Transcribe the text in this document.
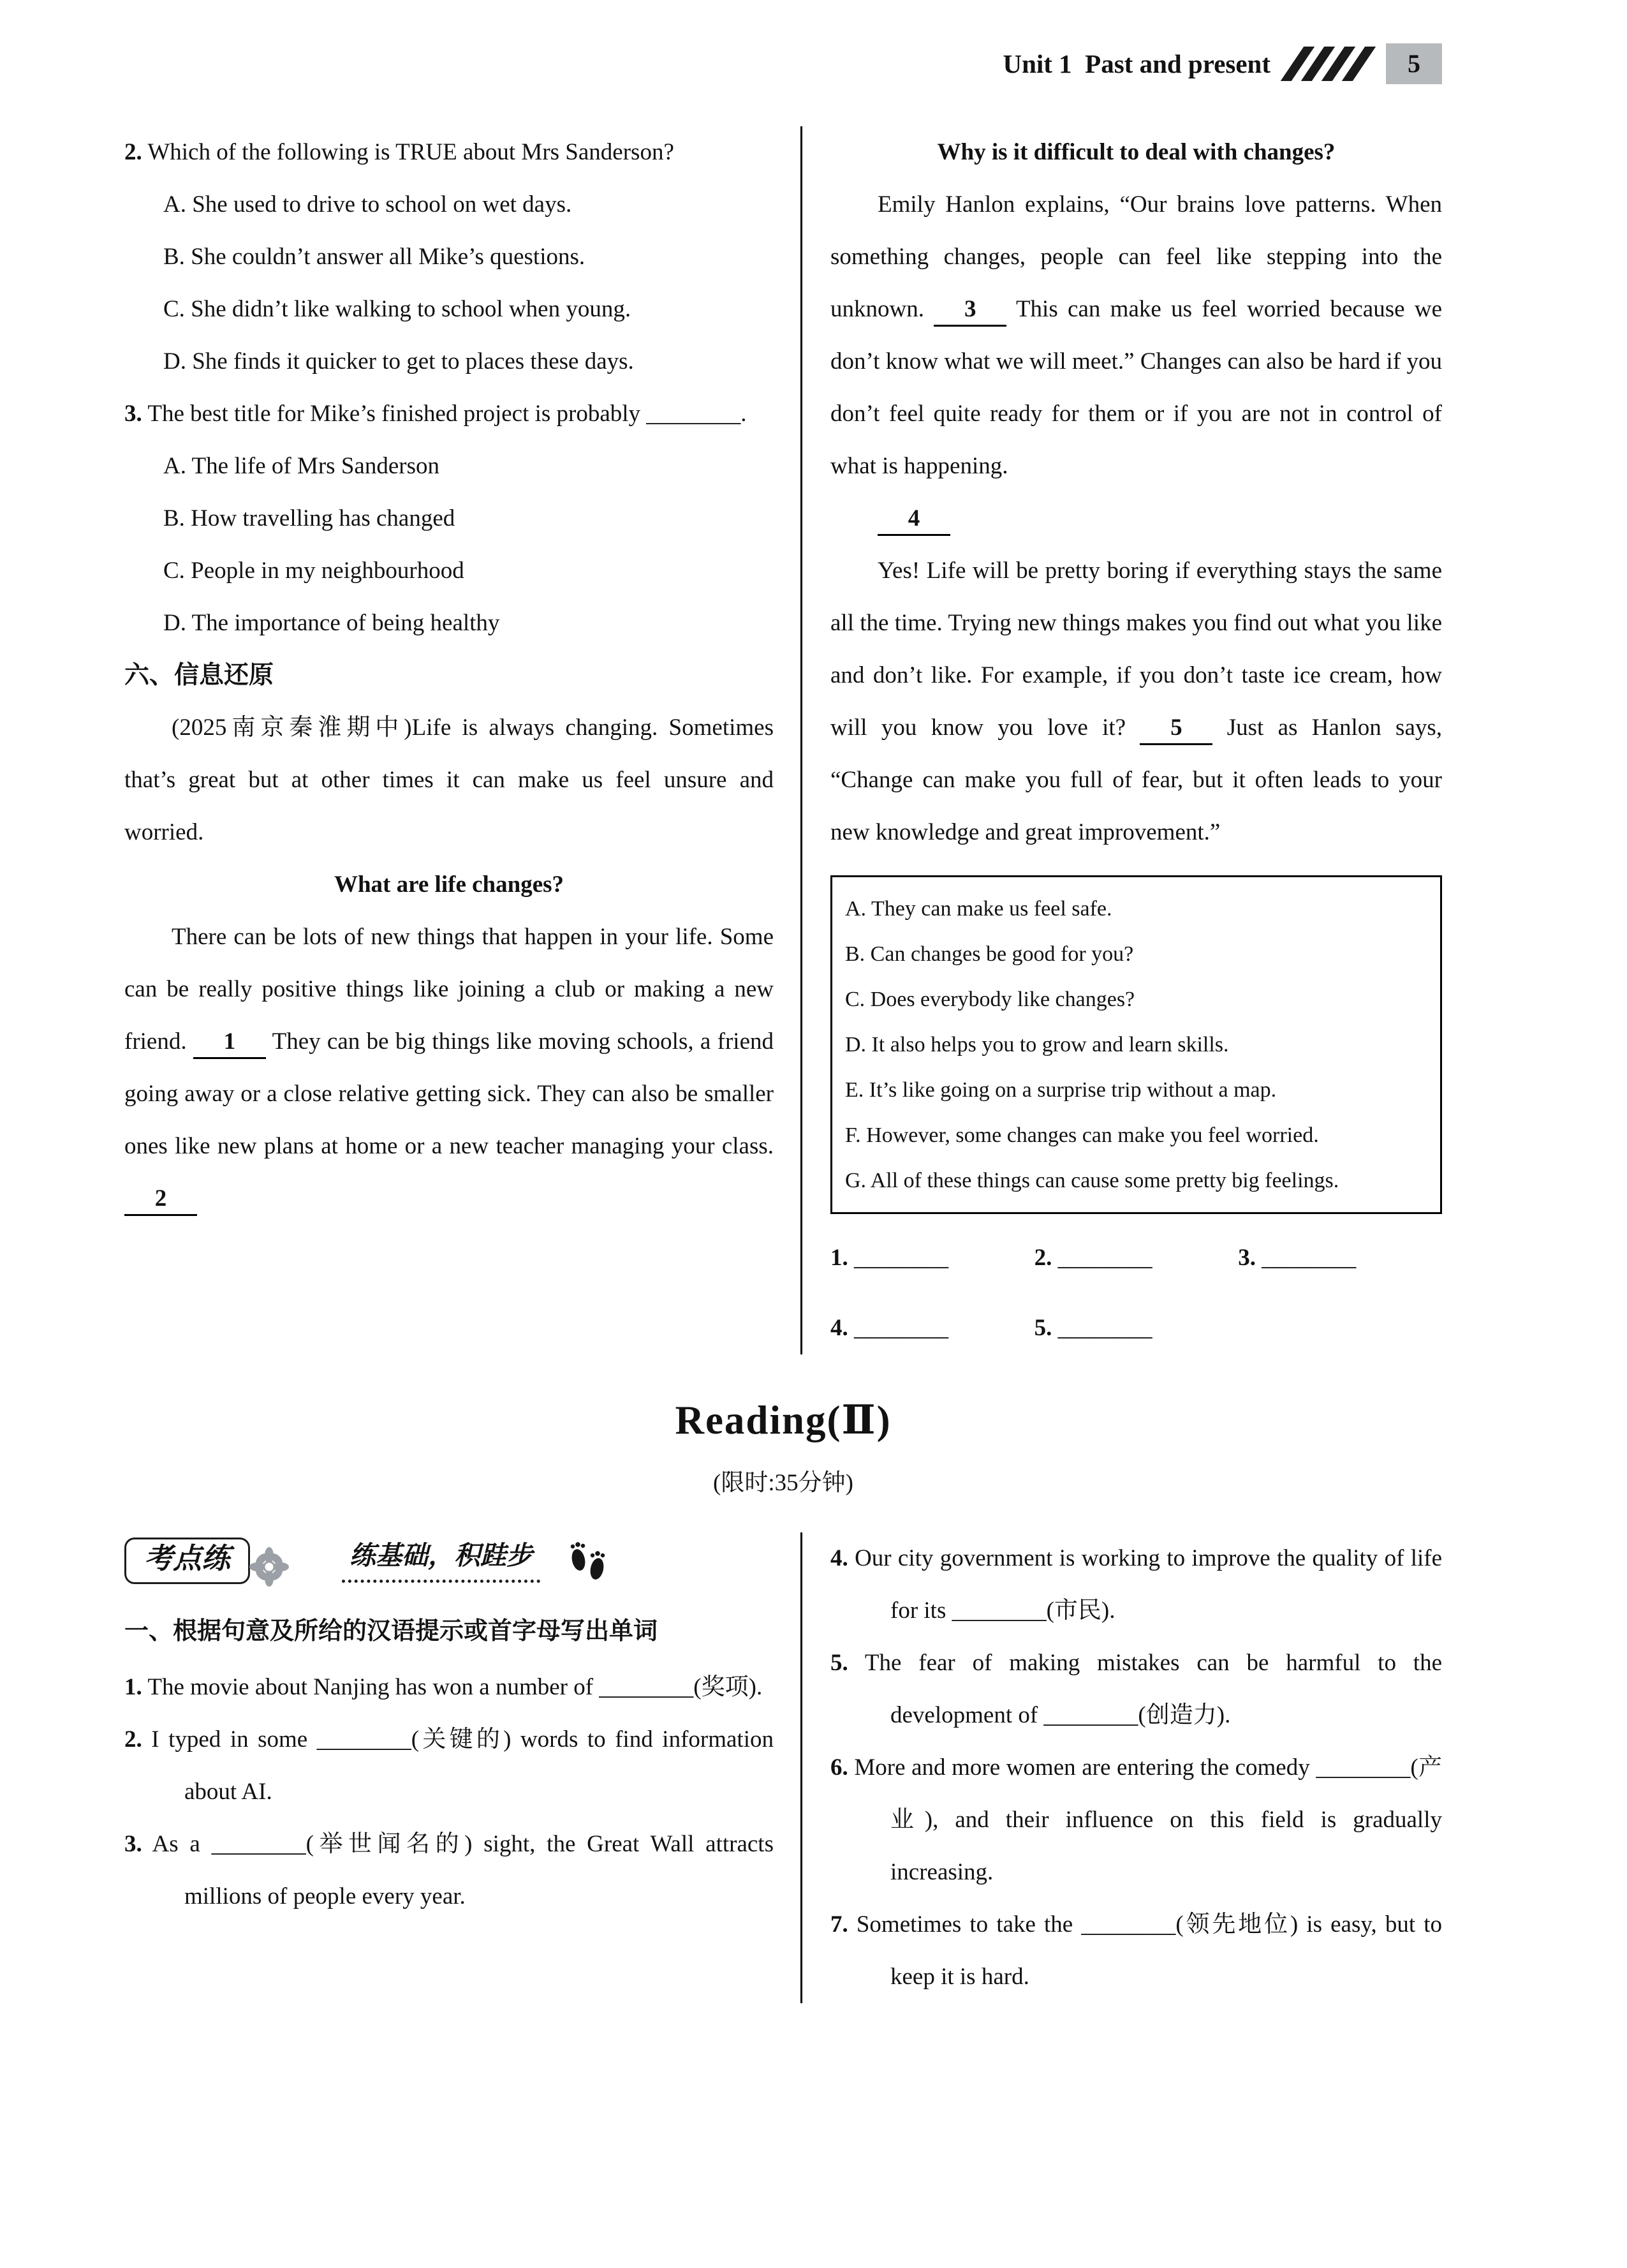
Unit 1  Past and present	5
2. Which of the following is TRUE about Mrs Sanderson?
A. She used to drive to school on wet days.
B. She couldn’t answer all Mike’s questions.
C. She didn’t like walking to school when young.
D. She finds it quicker to get to places these days.
3. The best title for Mike’s finished project is probably ________.
A. The life of Mrs Sanderson
B. How travelling has changed
C. People in my neighbourhood
D. The importance of being healthy
六、信息还原

(2025南京秦淮期中)Life is always changing. Sometimes that’s great but at other times it can make us feel unsure and worried.

What are life changes?

There can be lots of new things that happen in your life. Some can be really positive things like joining a club or making a new friend. 1 They can be big things like moving schools, a friend going away or a close relative getting sick. They can also be smaller ones like new plans at home or a new teacher managing your class. 2

Why is it difficult to deal with changes?

Emily Hanlon explains, “Our brains love patterns. When something changes, people can feel like stepping into the unknown. 3 This can make us feel worried because we don’t know what we will meet.” Changes can also be hard if you don’t feel quite ready for them or if you are not in control of what is happening.

4

Yes! Life will be pretty boring if everything stays the same all the time. Trying new things makes you find out what you like and don’t like. For example, if you don’t taste ice cream, how will you know you love it? 5 Just as Hanlon says, “Change can make you full of fear, but it often leads to your new knowledge and great improvement.”

A. They can make us feel safe.
B. Can changes be good for you?
C. Does everybody like changes?
D. It also helps you to grow and learn skills.
E. It’s like going on a surprise trip without a map.
F. However, some changes can make you feel worried.
G. All of these things can cause some pretty big feelings.
1. ________	2. ________	3. ________
4. ________	5. ________
Reading(Ⅱ)
(限时:35分钟)
考点练	练基础，积跬步
一、根据句意及所给的汉语提示或首字母写出单词
1. The movie about Nanjing has won a number of ________(奖项).
2. I typed in some ________(关键的) words to find information about AI.
3. As a ________(举世闻名的) sight, the Great Wall attracts millions of people every year.
4. Our city government is working to improve the quality of life for its ________(市民).
5. The fear of making mistakes can be harmful to the development of ________(创造力).
6. More and more women are entering the comedy ________(产业), and their influence on this field is gradually increasing.
7. Sometimes to take the ________(领先地位) is easy, but to keep it is hard.
